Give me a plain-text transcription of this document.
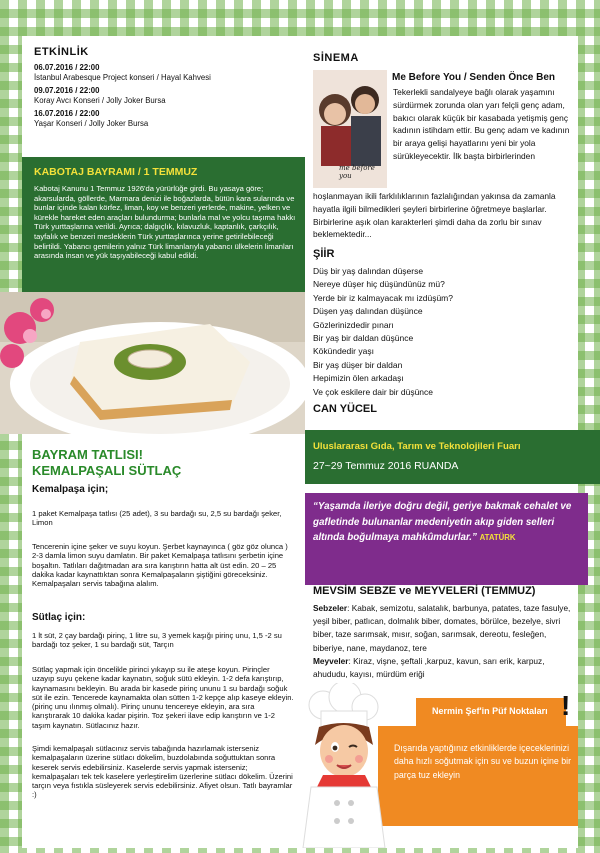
ETKİNLİK
06.07.2016 / 22:00
İstanbul Arabesque Project konseri / Hayal Kahvesi
09.07.2016 / 22:00
Koray Avcı Konseri / Jolly Joker Bursa
16.07.2016 / 22:00
Yaşar Konseri / Jolly Joker Bursa
KABOTAJ BAYRAMI / 1 TEMMUZ
Kabotaj Kanunu 1 Temmuz 1926'da yürürlüğe girdi. Bu yasaya göre; akarsularda, göllerde, Marmara denizi ile boğazlarda, bütün kara sularında ve bunlar içinde kalan körfez, liman, koy ve benzeri yerlerde, makine, yelken ve kürekle hareket eden araçları bulundurma; bunlarla mal ve yolcu taşıma hakkı Türk yurttaşlarına verildi. Ayrıca; dalgıçlık, kılavuzluk, kaptanlık, çarkçılık, tayfalık ve benzeri mesleklerin Türk yurttaşlarınca yerine getirilebileceği belirtildi. Yabancı gemilerin yalnız Türk limanlarıyla yabancı ülkelerin limanları arasında insan ve yük taşıyabileceği kabul edildi.
BAYRAM TATLISI!
KEMALPAŞALI SÜTLAÇ
Kemalpaşa için;
1 paket Kemalpaşa tatlısı (25 adet), 3 su bardağı su, 2,5 su bardağı şeker, Limon
Tencerenin içine şeker ve suyu koyun. Şerbet kaynayınca ( göz göz olunca ) 2-3 damla limon suyu damlatın. Bir paket Kemalpaşa tatlısını şerbetin içine boşaltın. Tatlıları dağıtmadan ara sıra karıştırın hatta alt üst edin. 20 – 25 dakika kadar kaynattıktan sonra Kemalpaşaların şiştiğini göreceksiniz. Kemalpaşaları servis tabağına alalım.
Sütlaç için:
1 lt süt, 2 çay bardağı pirinç, 1 litre su, 3 yemek kaşığı pirinç unu, 1,5 -2 su bardağı toz şeker, 1 su bardağı süt, Tarçın
Sütlaç yapmak için öncelikle pirinci yıkayıp su ile ateşe koyun. Pirinçler uzayıp suyu çekene kadar kaynatın, soğuk sütü ekleyin. 1-2 defa karıştırıp, kaynamasını bekleyin. Bu arada bir kasede pirinç ununu 1 su bardağı soğuk süt ile ezin. Tencerede kaynamakta olan sütten 1-2 kepçe alıp kaseye ekleyin. (pirinç unu ılınmış olmalı). Pirinç ununu tencereye ekleyin, ara sıra karıştırarak 10 dakika kadar pişirin. Toz şekeri ilave edip karıştırın ve 1-2 taşım kaynatın. Sütlacınız hazır.
Şimdi kemalpaşalı sütlacınız servis tabağında hazırlamak isterseniz kemalpaşaların üzerine sütlacı dökelim, buzdolabında soğuttuktan sonra keserek servis edebilirsiniz. Kaselerde servis yapmak isterseniz; kemalpaşaları tek tek kaselere yerleştirelim üzerlerine sütlacı dökelim. Üzerini tarçın veya fıstıkla süsleyerek servis edebilirsiniz. Afiyet olsun. Tatlı bayramlar :)
SİNEMA
me before you
Me Before You / Senden Önce Ben
Tekerlekli sandalyeye bağlı olarak yaşamını sürdürmek zorunda olan yarı felçli genç adam, bakıcı olarak küçük bir kasabada yetişmiş genç kadının istihdam ettir. Bu genç adam ve kadının bir araya gelişi hayatlarını yeni bir yola sürükleyecektir. İlk başta birbirlerinden
hoşlanmayan ikili farklılıklarının fazlalığından yakınsa da zamanla hayatla ilgili bilmedikleri şeyleri birbirlerine öğretmeye başlarlar. Birbirlerine aşık olan karakterleri şimdi daha da zorlu bir sınav beklemektedir...
ŞİİR
Düş bir yaş dalından düşerse
Nereye düşer hiç düşündünüz mü?
Yerde bir iz kalmayacak mı izdüşüm?
Düşen yaş dalından düşünce
Gözlerinizdedir pınarı
Bir yaş bir daldan düşünce
Kökündedir yaşı
Bir yaş düşer bir daldan
Hepimizin ölen arkadaşı
Ve çok eskilere dair bir düşünce
CAN YÜCEL
Uluslararası Gıda, Tarım ve Teknolojileri Fuarı
27~29 Temmuz 2016 RUANDA
“Yaşamda ileriye doğru değil, geriye bakmak cehalet ve gafletinde bulunanlar medeniyetin akıp giden selleri altında boğulmaya mahkûmdurlar.” ATATÜRK
MEVSİM SEBZE ve MEYVELERİ (TEMMUZ)
Sebzeler: Kabak, semizotu, salatalık, barbunya, patates, taze fasulye, yeşil biber, patlıcan, dolmalık biber, domates, börülce, bezelye, sivri biber, taze sarımsak, mısır, soğan, sarımsak, dereotu, fesleğen, biberiye, nane, maydanoz, tere
Meyveler: Kiraz, vişne, şeftali ,karpuz, kavun, sarı erik, karpuz, ahududu, kayısı, mürdüm eriği
Nermin Şef'in Püf Noktaları !
Dışarıda yaptığınız etkinliklerde içeceklerinizi daha hızlı soğutmak için su ve buzun içine bir parça tuz ekleyin
